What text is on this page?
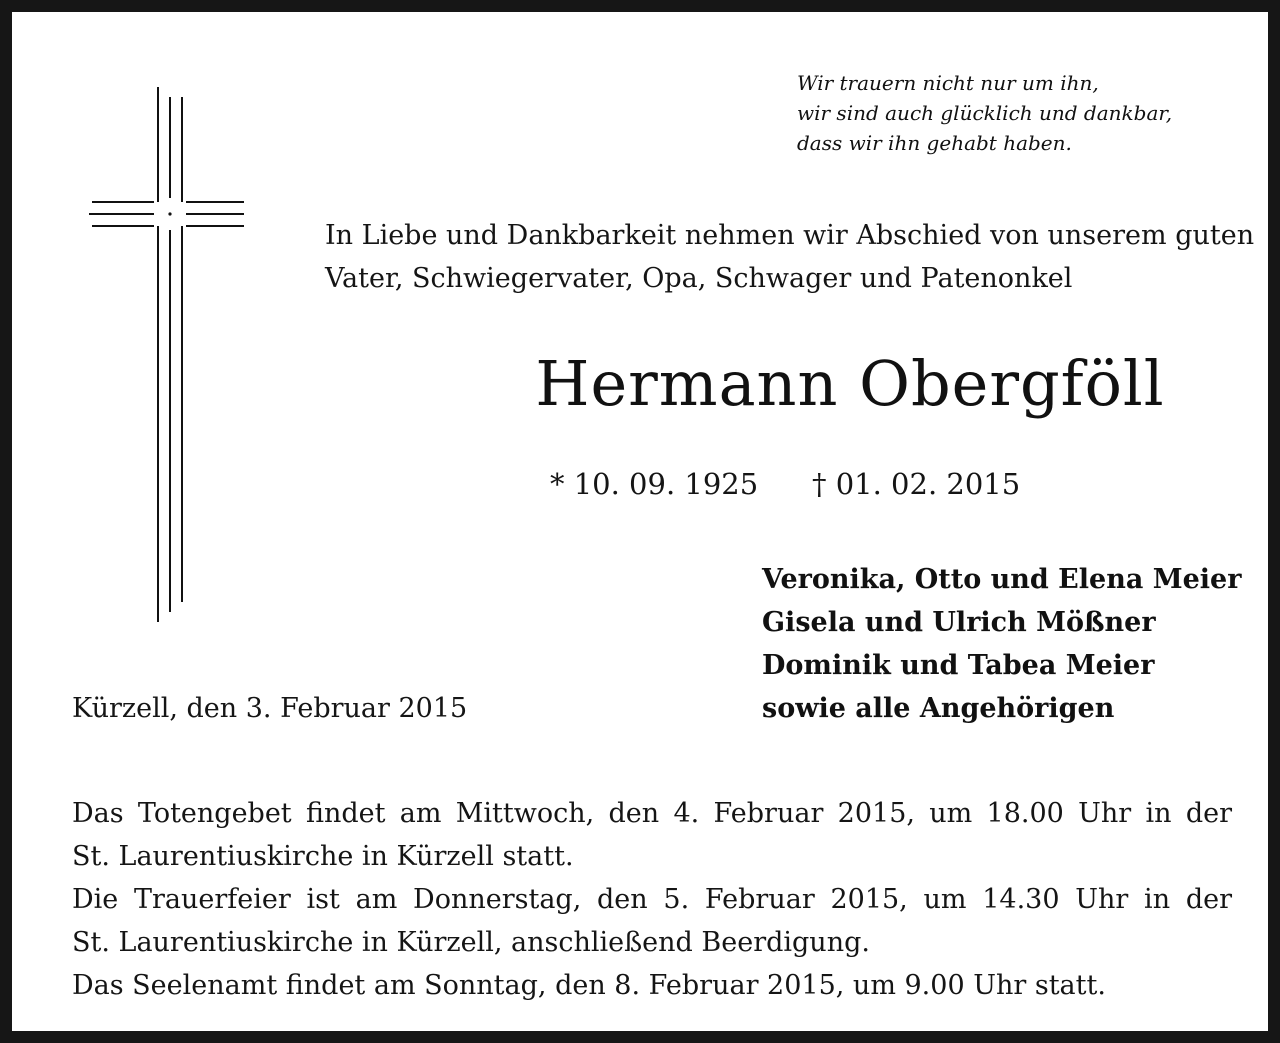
Wir trauern nicht nur um ihn,
wir sind auch glücklich und dankbar,
dass wir ihn gehabt haben.
In Liebe und Dankbarkeit nehmen wir Abschied von unserem guten
Vater, Schwiegervater, Opa, Schwager und Patenonkel
Hermann Obergföll
* 10. 09. 1925 † 01. 02. 2015
Veronika, Otto und Elena Meier
Gisela und Ulrich Mößner
Dominik und Tabea Meier
sowie alle Angehörigen
Kürzell, den 3. Februar 2015
Das Totengebet findet am Mittwoch, den 4. Februar 2015, um 18.00 Uhr in der
St. Laurentiuskirche in Kürzell statt.
Die Trauerfeier ist am Donnerstag, den 5. Februar 2015, um 14.30 Uhr in der
St. Laurentiuskirche in Kürzell, anschließend Beerdigung.
Das Seelenamt findet am Sonntag, den 8. Februar 2015, um 9.00 Uhr statt.
